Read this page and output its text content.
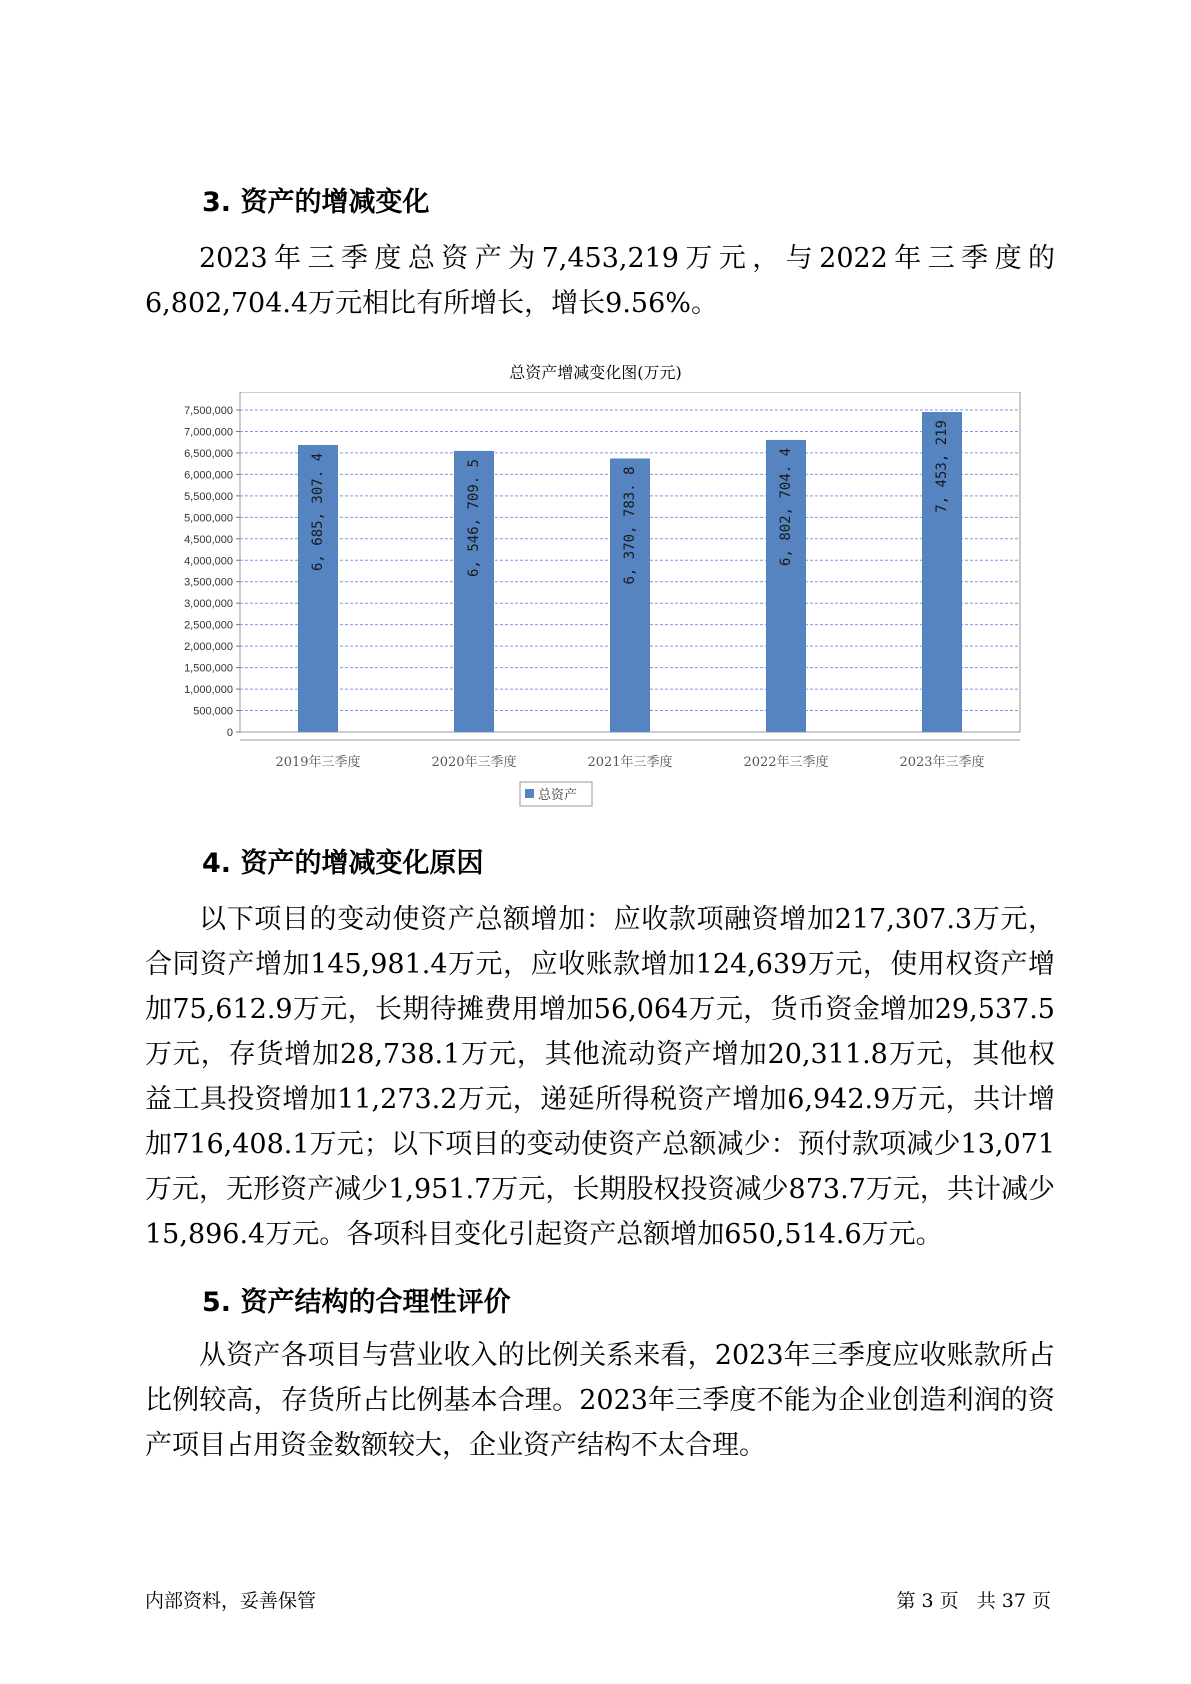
3. 资产的增减变化

2023年三季度总资产为7,453,219万元，与2022年三季度的6,802,704.4万元相比有所增长，增长9.56%。

总资产增减变化图(万元)
6, 685, 307. 4	6, 546, 709. 5	6, 370, 783. 8	6, 802, 704. 4	7, 453, 219
0
500,000
1,000,000
1,500,000
2,000,000
2,500,000
3,000,000
3,500,000
4,000,000
4,500,000
5,000,000
5,500,000
6,000,000
6,500,000
7,000,000
7,500,000
2019年三季度	2020年三季度	2021年三季度	2022年三季度	2023年三季度
总资产
4. 资产的增减变化原因

以下项目的变动使资产总额增加：应收款项融资增加217,307.3万元，合同资产增加145,981.4万元，应收账款增加124,639万元，使用权资产增加75,612.9万元，长期待摊费用增加56,064万元，货币资金增加29,537.5万元，存货增加28,738.1万元，其他流动资产增加20,311.8万元，其他权益工具投资增加11,273.2万元，递延所得税资产增加6,942.9万元，共计增加716,408.1万元；以下项目的变动使资产总额减少：预付款项减少13,071万元，无形资产减少1,951.7万元，长期股权投资减少873.7万元，共计减少15,896.4万元。各项科目变化引起资产总额增加650,514.6万元。

5. 资产结构的合理性评价

从资产各项目与营业收入的比例关系来看，2023年三季度应收账款所占比例较高，存货所占比例基本合理。2023年三季度不能为企业创造利润的资产项目占用资金数额较大，企业资产结构不太合理。

内部资料，妥善保管	第 3 页   共 37 页
